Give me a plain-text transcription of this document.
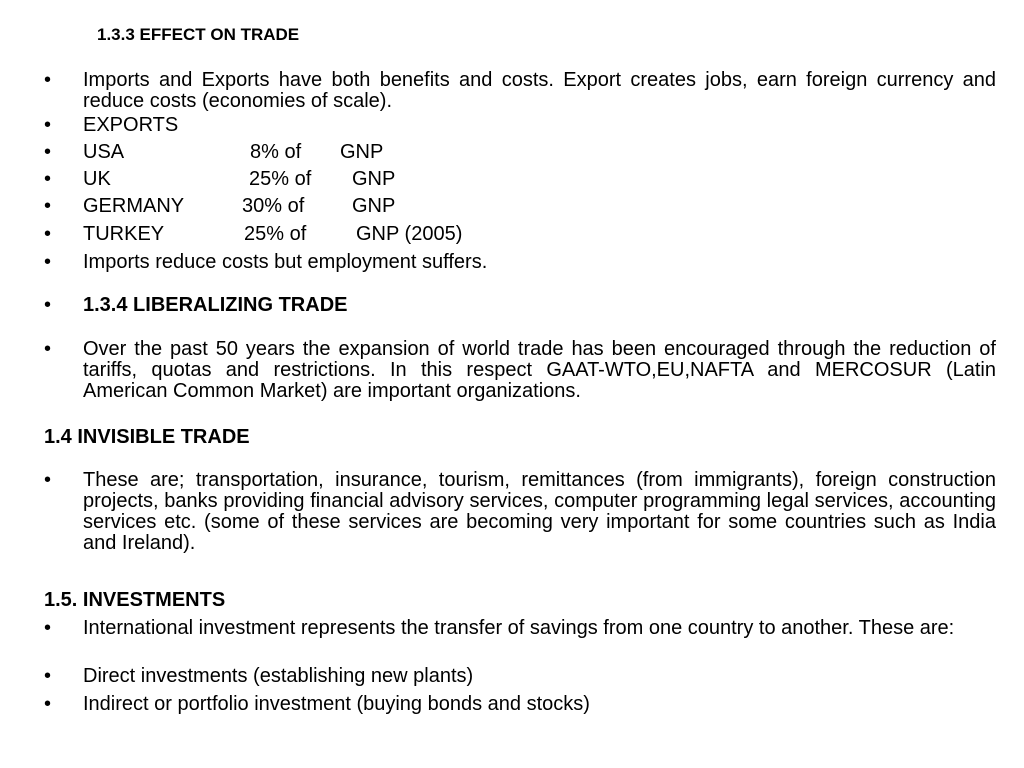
1.3.3 EFFECT ON TRADE
•	Imports and Exports have both benefits and costs. Export creates jobs, earn foreign currency and reduce costs (economies of scale).
•	EXPORTS
• USA	8% of GNP
• UK	25% of GNP
• GERMANY	30% of GNP
• TURKEY	25% of GNP (2005)
•	Imports reduce costs but employment suffers.
•	1.3.4 LIBERALIZING TRADE
•	Over the past 50 years the expansion of world trade has been encouraged through the reduction of tariffs, quotas and restrictions. In this respect GAAT-WTO,EU,NAFTA and MERCOSUR (Latin American Common Market) are important organizations.
1.4 INVISIBLE TRADE
•	These are; transportation, insurance, tourism, remittances (from immigrants), foreign construction projects, banks providing financial advisory services, computer programming legal services, accounting services etc. (some of these services are becoming very important for some countries such as India and Ireland).
1.5. INVESTMENTS
•	International investment represents the transfer of savings from one country to another. These are:
•	Direct investments (establishing new plants)
•	Indirect or portfolio investment (buying bonds and stocks)
